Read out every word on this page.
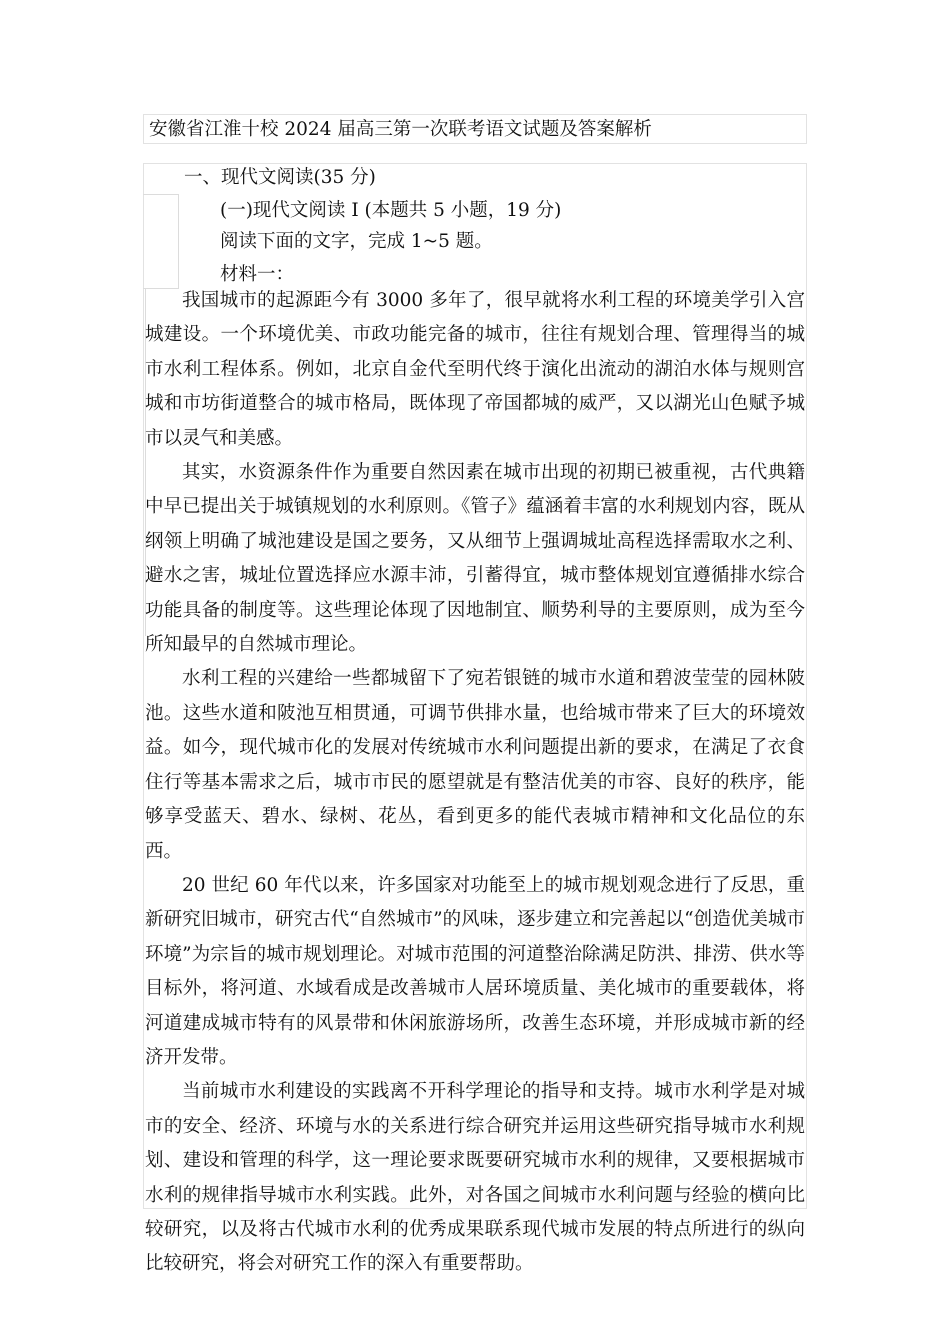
安徽省江淮十校 2024 届高三第一次联考语文试题及答案解析

一、现代文阅读(35 分)

(一)现代文阅读 I (本题共 5 小题，19 分)

阅读下面的文字，完成 1~5 题。

材料一：

我国城市的起源距今有 3000 多年了，很早就将水利工程的环境美学引入宫城建设。一个环境优美、市政功能完备的城市，往往有规划合理、管理得当的城市水利工程体系。例如，北京自金代至明代终于演化出流动的湖泊水体与规则宫城和市坊街道整合的城市格局，既体现了帝国都城的威严，又以湖光山色赋予城市以灵气和美感。

其实，水资源条件作为重要自然因素在城市出现的初期已被重视，古代典籍中早已提出关于城镇规划的水利原则。《管子》蕴涵着丰富的水利规划内容，既从纲领上明确了城池建设是国之要务，又从细节上强调城址高程选择需取水之利、避水之害，城址位置选择应水源丰沛，引蓄得宜，城市整体规划宜遵循排水综合功能具备的制度等。这些理论体现了因地制宜、顺势利导的主要原则，成为至今所知最早的自然城市理论。

水利工程的兴建给一些都城留下了宛若银链的城市水道和碧波莹莹的园林陂池。这些水道和陂池互相贯通，可调节供排水量，也给城市带来了巨大的环境效益。如今，现代城市化的发展对传统城市水利问题提出新的要求，在满足了衣食住行等基本需求之后，城市市民的愿望就是有整洁优美的市容、良好的秩序，能够享受蓝天、碧水、绿树、花丛，看到更多的能代表城市精神和文化品位的东西。

20 世纪 60 年代以来，许多国家对功能至上的城市规划观念进行了反思，重新研究旧城市，研究古代“自然城市”的风味，逐步建立和完善起以“创造优美城市环境”为宗旨的城市规划理论。对城市范围的河道整治除满足防洪、排涝、供水等目标外，将河道、水域看成是改善城市人居环境质量、美化城市的重要载体，将河道建成城市特有的风景带和休闲旅游场所，改善生态环境，并形成城市新的经济开发带。

当前城市水利建设的实践离不开科学理论的指导和支持。城市水利学是对城市的安全、经济、环境与水的关系进行综合研究并运用这些研究指导城市水利规划、建设和管理的科学，这一理论要求既要研究城市水利的规律，又要根据城市水利的规律指导城市水利实践。此外，对各国之间城市水利问题与经验的横向比较研究，以及将古代城市水利的优秀成果联系现代城市发展的特点所进行的纵向比较研究，将会对研究工作的深入有重要帮助。
